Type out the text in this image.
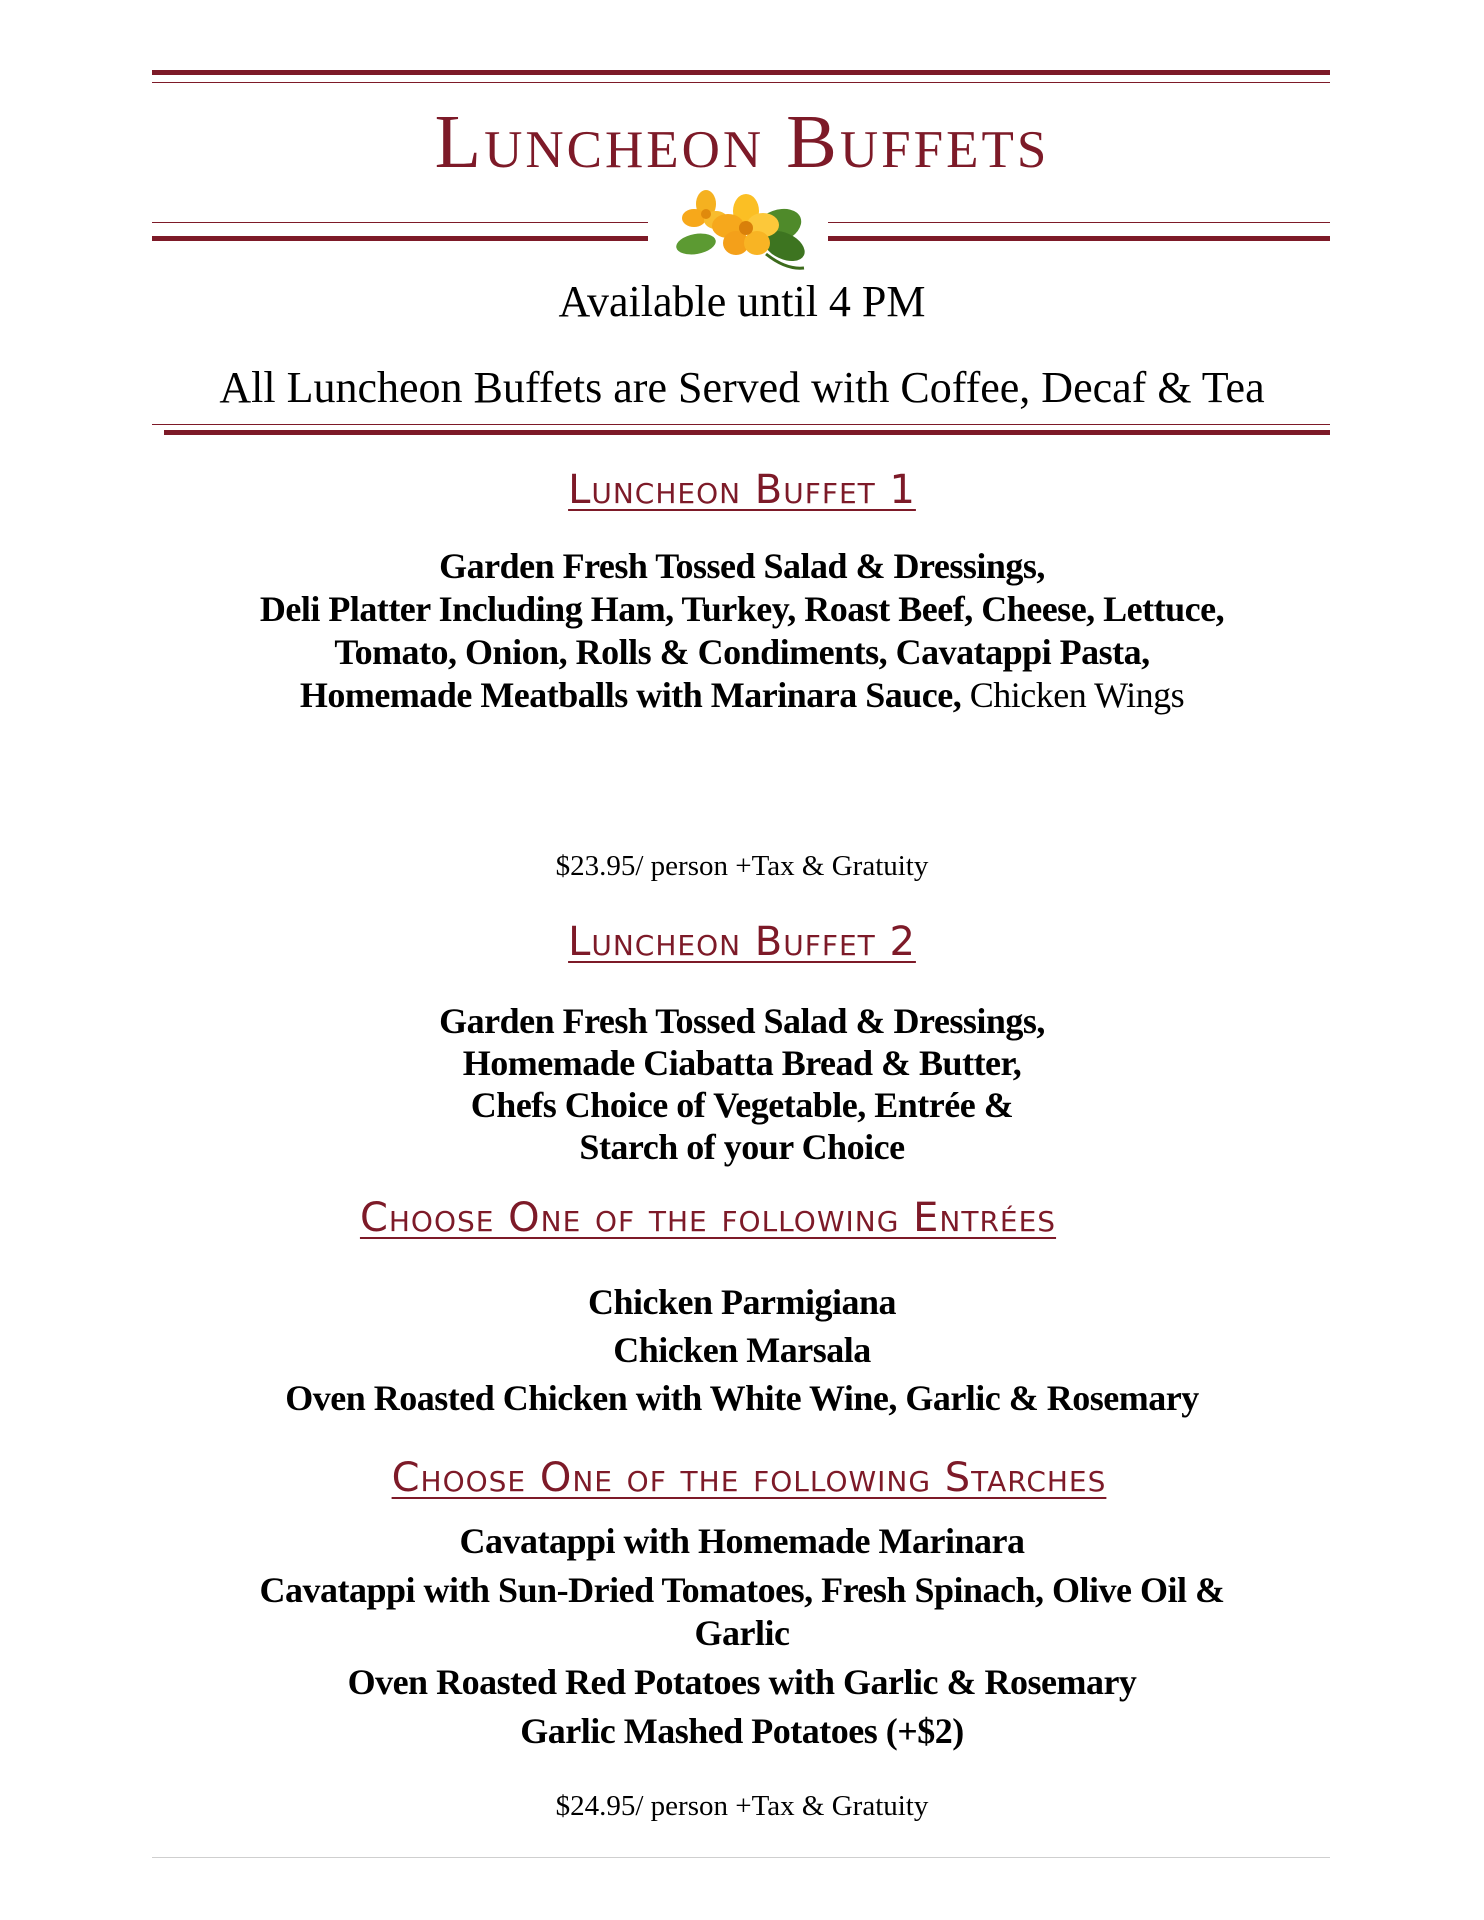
Luncheon Buffets
Available until 4 PM
All Luncheon Buffets are Served with Coffee, Decaf & Tea
Luncheon Buffet 1
Garden Fresh Tossed Salad & Dressings,
Deli Platter Including Ham, Turkey, Roast Beef, Cheese, Lettuce,
Tomato, Onion, Rolls & Condiments, Cavatappi Pasta,
Homemade Meatballs with Marinara Sauce, Chicken Wings
$23.95/ person +Tax & Gratuity
Luncheon Buffet 2
Garden Fresh Tossed Salad & Dressings,
Homemade Ciabatta Bread & Butter,
Chefs Choice of Vegetable, Entrée &
Starch of your Choice
Choose One of the following Entrées
Chicken Parmigiana
Chicken Marsala
Oven Roasted Chicken with White Wine, Garlic & Rosemary
Choose One of the following Starches
Cavatappi with Homemade Marinara
Cavatappi with Sun-Dried Tomatoes, Fresh Spinach, Olive Oil &
Garlic
Oven Roasted Red Potatoes with Garlic & Rosemary
Garlic Mashed Potatoes (+$2)
$24.95/ person +Tax & Gratuity
